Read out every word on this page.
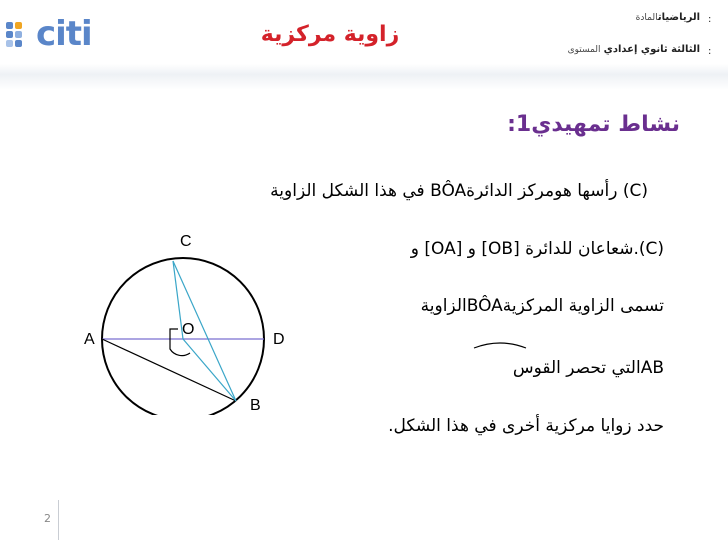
citi	زاوية مركزية
الرياضياتالمادة	:
الثالثة ثانوي إعدادي المستوى	:
نشاط تمهيدي1:
(C) رأسها هومركز الدائرةBÔA في هذا الشكل الزاوية
(C).شعاعان للدائرة [OB] و [OA] و
تسمى الزاوية المركزيةBÔAالزاوية
ABالتي تحصر القوس
حدد زوايا مركزية أخرى في هذا الشكل.
C
A
O
D
B
2
